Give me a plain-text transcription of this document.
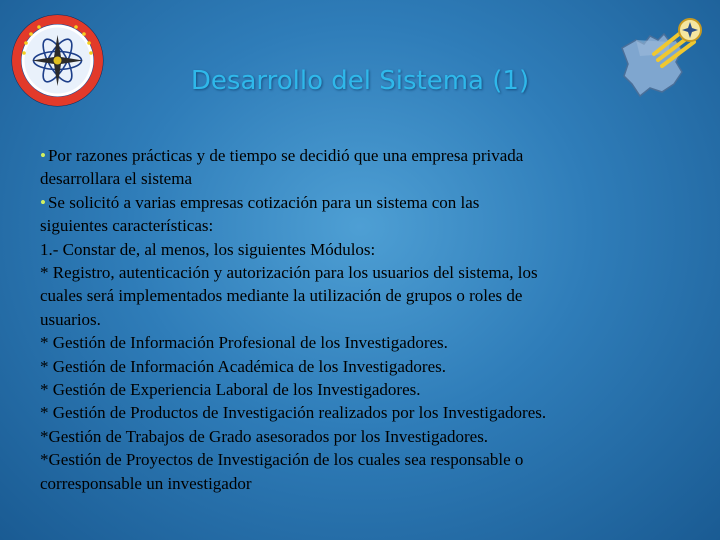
Desarrollo del Sistema (1)

• Por razones prácticas y de tiempo se decidió que una empresa privada

desarrollara el sistema

• Se solicitó a varias empresas cotización para un sistema con las

siguientes características:

1.- Constar de, al menos, los siguientes Módulos:

* Registro, autenticación y autorización para los usuarios del sistema, los

cuales será implementados mediante la utilización de grupos o roles de

usuarios.

* Gestión de Información Profesional de los Investigadores.

* Gestión de Información Académica de los Investigadores.

* Gestión de Experiencia Laboral de los Investigadores.

* Gestión de Productos de Investigación realizados por los Investigadores.

*Gestión de Trabajos de Grado asesorados por los Investigadores.

*Gestión de Proyectos de Investigación de los cuales sea responsable o

corresponsable un investigador
